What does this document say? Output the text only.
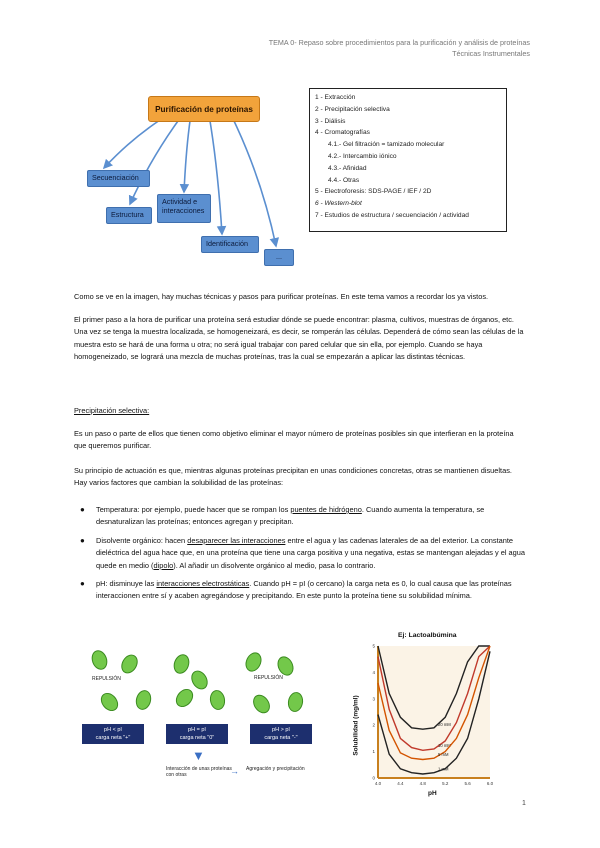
TEMA 0- Repaso sobre procedimientos para la purificación y análisis de proteínas
Técnicas Instrumentales
Purificación de proteínas
Secuenciación
Estructura
Actividad e interacciones
Identificación
...
1 - Extracción
2 - Precipitación selectiva
3 - Diálisis
4 - Cromatografías
4.1.- Gel filtración = tamizado molecular
4.2.- Intercambio iónico
4.3.- Afinidad
4.4.- Otras
5 - Electroforesis: SDS-PAGE / IEF / 2D
6 - Western-blot
7 - Estudios de estructura / secuenciación / actividad
Como se ve en la imagen, hay muchas técnicas y pasos para purificar proteínas. En este tema vamos a recordar los ya vistos.
El primer paso a la hora de purificar una proteína será estudiar dónde se puede encontrar: plasma, cultivos, muestras de órganos, etc. Una vez se tenga la muestra localizada, se homogeneizará, es decir, se romperán las células. Dependerá de cómo sean las células de la muestra esto se hará de una forma u otra; no será igual trabajar con pared celular que sin ella, por ejemplo. Cuando se haya homogeneizado, se logrará una mezcla de muchas proteínas, tras la cual se empezarán a aplicar las distintas técnicas.
Precipitación selectiva:
Es un paso o parte de ellos que tienen como objetivo eliminar el mayor número de proteínas posibles sin que interfieran en la proteína que queremos purificar.
Su principio de actuación es que, mientras algunas proteínas precipitan en unas condiciones concretas, otras se mantienen disueltas. Hay varios factores que cambian la solubilidad de las proteínas:
● Temperatura: por ejemplo, puede hacer que se rompan los puentes de hidrógeno. Cuando aumenta la temperatura, se desnaturalizan las proteínas; entonces agregan y precipitan.
● Disolvente orgánico: hacen desaparecer las interacciones entre el agua y las cadenas laterales de aa del exterior. La constante dieléctrica del agua hace que, en una proteína que tiene una carga positiva y una negativa, estas se mantengan alejadas y el agua quede en medio (dipolo). Al añadir un disolvente orgánico al medio, pasa lo contrario.
● pH: disminuye las interacciones electrostáticas. Cuando pH = pI (o cercano) la carga neta es 0, lo cual causa que las proteínas interaccionen entre sí y acaben agregándose y precipitando. En este punto la proteína tiene su solubilidad mínima.
REPULSIÓN	REPULSIÓN
pH < pI
carga neta "+"
pH = pI
carga neta "0"
pH > pI
carga neta "-"
▼
Interacción de unas proteínas con otras	→ Agregación y precipitación
Ej: Lactoalbúmina
Solubilidad (mg/ml)
pH
4.0	4.4	4.8	5.2	5.6	6.0
0
1
2
3
4
5
20 mM
10 mM
5 mM
1 mM
1
